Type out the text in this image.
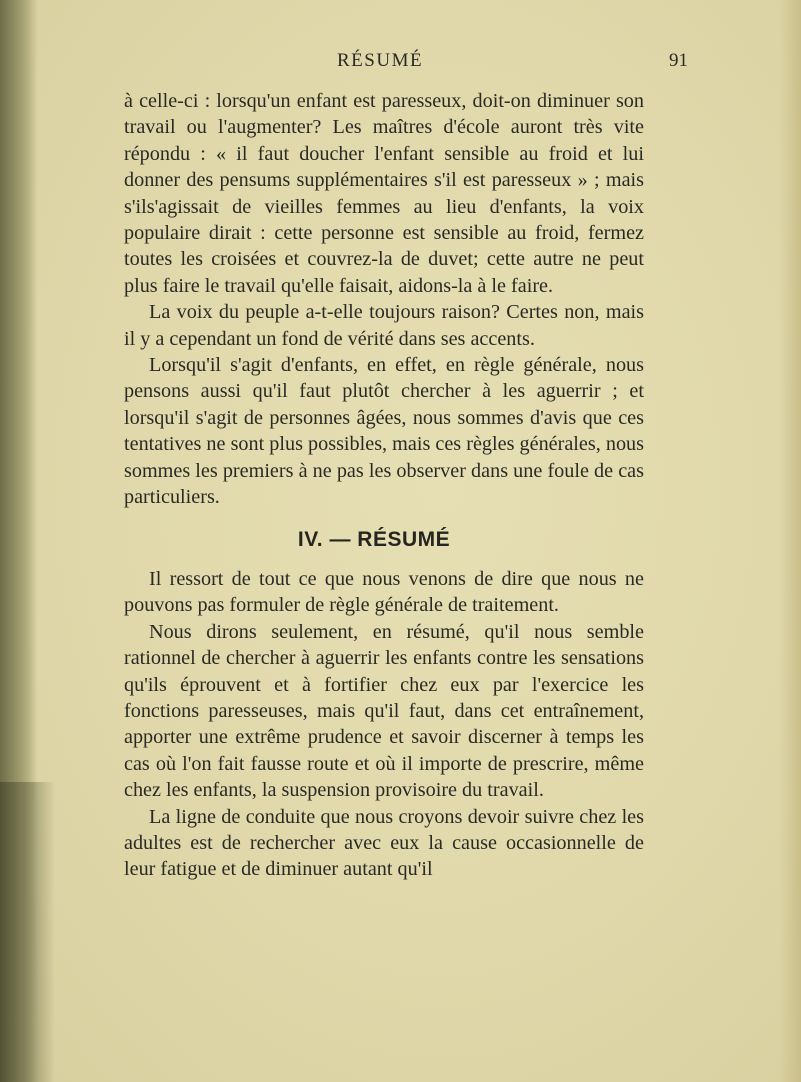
RÉSUMÉ	91

à celle-ci : lorsqu'un enfant est paresseux, doit-on diminuer son travail ou l'augmenter? Les maîtres d'école auront très vite répondu : « il faut doucher l'enfant sensible au froid et lui donner des pensums supplémentaires s'il est paresseux » ; mais s'ils'agissait de vieilles femmes au lieu d'enfants, la voix populaire dirait : cette personne est sensible au froid, fermez toutes les croisées et couvrez-la de duvet; cette autre ne peut plus faire le travail qu'elle faisait, aidons-la à le faire.

La voix du peuple a-t-elle toujours raison? Certes non, mais il y a cependant un fond de vérité dans ses accents.

Lorsqu'il s'agit d'enfants, en effet, en règle générale, nous pensons aussi qu'il faut plutôt chercher à les aguerrir ; et lorsqu'il s'agit de personnes âgées, nous sommes d'avis que ces tentatives ne sont plus possibles, mais ces règles générales, nous sommes les premiers à ne pas les observer dans une foule de cas particuliers.

IV. — RÉSUMÉ

Il ressort de tout ce que nous venons de dire que nous ne pouvons pas formuler de règle générale de traitement.

Nous dirons seulement, en résumé, qu'il nous semble rationnel de chercher à aguerrir les enfants contre les sensations qu'ils éprouvent et à fortifier chez eux par l'exercice les fonctions paresseuses, mais qu'il faut, dans cet entraînement, apporter une extrême prudence et savoir discerner à temps les cas où l'on fait fausse route et où il importe de prescrire, même chez les enfants, la suspension provisoire du travail.

La ligne de conduite que nous croyons devoir suivre chez les adultes est de rechercher avec eux la cause occasionnelle de leur fatigue et de diminuer autant qu'il
